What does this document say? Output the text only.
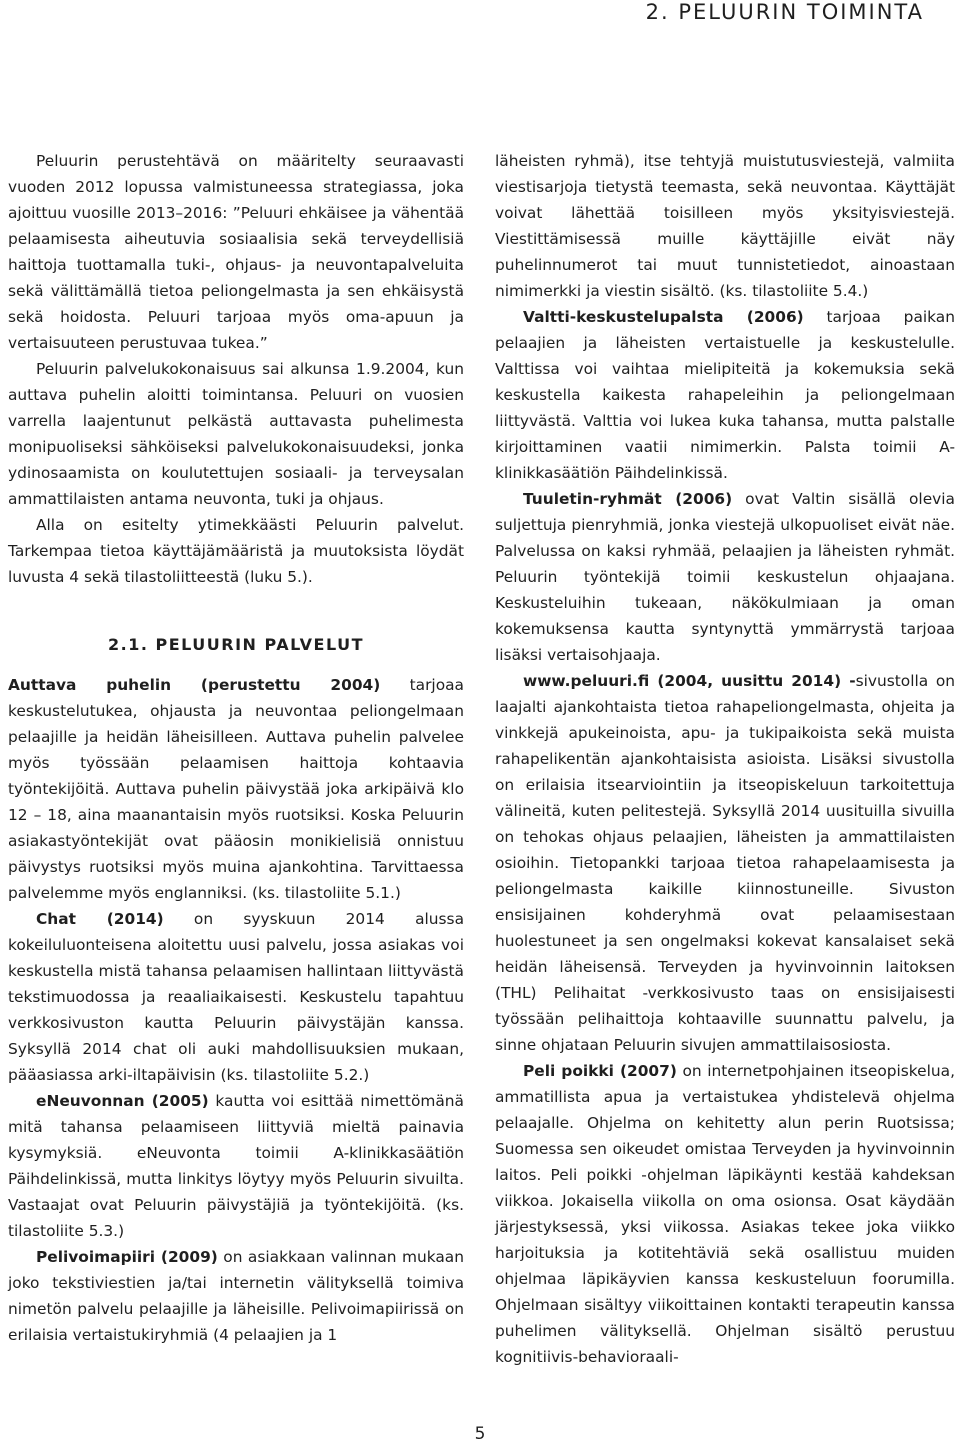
2. PELUURIN TOIMINTA

Peluurin perustehtävä on määritelty seuraavasti vuoden 2012 lopussa valmistuneessa strategiassa, joka ajoittuu vuosille 2013–2016: ”Peluuri ehkäisee ja vähentää pelaamisesta aiheutuvia sosiaalisia sekä terveydellisiä haittoja tuottamalla tuki-, ohjaus- ja neuvontapalveluita sekä välittämällä tietoa peliongelmasta ja sen ehkäisystä sekä hoidosta. Peluuri tarjoaa myös oma-apuun ja vertaisuuteen perustuvaa tukea.”

Peluurin palvelukokonaisuus sai alkunsa 1.9.2004, kun auttava puhelin aloitti toimintansa. Peluuri on vuosien varrella laajentunut pelkästä auttavasta puhelimesta monipuoliseksi sähköiseksi palvelukokonaisuudeksi, jonka ydinosaamista on koulutettujen sosiaali- ja terveysalan ammattilaisten antama neuvonta, tuki ja ohjaus.

Alla on esitelty ytimekkäästi Peluurin palvelut. Tarkempaa tietoa käyttäjämääristä ja muutoksista löydät luvusta 4 sekä tilastoliitteestä (luku 5.).

2.1. PELUURIN PALVELUT

Auttava puhelin (perustettu 2004) tarjoaa keskustelutukea, ohjausta ja neuvontaa peliongelmaan pelaajille ja heidän läheisilleen. Auttava puhelin palvelee myös työssään pelaamisen haittoja kohtaavia työntekijöitä. Auttava puhelin päivystää joka arkipäivä klo 12 – 18, aina maanantaisin myös ruotsiksi. Koska Peluurin asiakastyöntekijät ovat pääosin monikielisiä onnistuu päivystys ruotsiksi myös muina ajankohtina. Tarvittaessa palvelemme myös englanniksi. (ks. tilastoliite 5.1.)

Chat (2014) on syyskuun 2014 alussa kokeiluluonteisena aloitettu uusi palvelu, jossa asiakas voi keskustella mistä tahansa pelaamisen hallintaan liittyvästä tekstimuodossa ja reaaliaikaisesti. Keskustelu tapahtuu verkkosivuston kautta Peluurin päivystäjän kanssa. Syksyllä 2014 chat oli auki mahdollisuuksien mukaan, pääasiassa arki-iltapäivisin (ks. tilastoliite 5.2.)

eNeuvonnan (2005) kautta voi esittää nimettömänä mitä tahansa pelaamiseen liittyviä mieltä painavia kysymyksiä. eNeuvonta toimii A-klinikkasäätiön Päihdelinkissä, mutta linkitys löytyy myös Peluurin sivuilta. Vastaajat ovat Peluurin päivystäjiä ja työntekijöitä. (ks. tilastoliite 5.3.)

Pelivoimapiiri (2009) on asiakkaan valinnan mukaan joko tekstiviestien ja/tai internetin välityksellä toimiva nimetön palvelu pelaajille ja läheisille. Pelivoimapiirissä on erilaisia vertaistukiryhmiä (4 pelaajien ja 1

läheisten ryhmä), itse tehtyjä muistutusviestejä, valmiita viestisarjoja tietystä teemasta, sekä neuvontaa. Käyttäjät voivat lähettää toisilleen myös yksityisviestejä. Viestittämisessä muille käyttäjille eivät näy puhelinnumerot tai muut tunnistetiedot, ainoastaan nimimerkki ja viestin sisältö. (ks. tilastoliite 5.4.)

Valtti-keskustelupalsta (2006) tarjoaa paikan pelaajien ja läheisten vertaistuelle ja keskustelulle. Valttissa voi vaihtaa mielipiteitä ja kokemuksia sekä keskustella kaikesta rahapeleihin ja peliongelmaan liittyvästä. Valttia voi lukea kuka tahansa, mutta palstalle kirjoittaminen vaatii nimimerkin. Palsta toimii A-klinikkasäätiön Päihdelinkissä.

Tuuletin-ryhmät (2006) ovat Valtin sisällä olevia suljettuja pienryhmiä, jonka viestejä ulkopuoliset eivät näe. Palvelussa on kaksi ryhmää, pelaajien ja läheisten ryhmät. Peluurin työntekijä toimii keskustelun ohjaajana. Keskusteluihin tukeaan, näkökulmiaan ja oman kokemuksensa kautta syntynyttä ymmärrystä tarjoaa lisäksi vertaisohjaaja.

www.peluuri.fi (2004, uusittu 2014) -sivustolla on laajalti ajankohtaista tietoa rahapeliongelmasta, ohjeita ja vinkkejä apukeinoista, apu- ja tukipaikoista sekä muista rahapelikentän ajankohtaisista asioista. Lisäksi sivustolla on erilaisia itsearviointiin ja itseopiskeluun tarkoitettuja välineitä, kuten pelitestejä. Syksyllä 2014 uusituilla sivuilla on tehokas ohjaus pelaajien, läheisten ja ammattilaisten osioihin. Tietopankki tarjoaa tietoa rahapelaamisesta ja peliongelmasta kaikille kiinnostuneille. Sivuston ensisijainen kohderyhmä ovat pelaamisestaan huolestuneet ja sen ongelmaksi kokevat kansalaiset sekä heidän läheisensä. Terveyden ja hyvinvoinnin laitoksen (THL) Pelihaitat -verkkosivusto taas on ensisijaisesti työssään pelihaittoja kohtaaville suunnattu palvelu, ja sinne ohjataan Peluurin sivujen ammattilaisosiosta.

Peli poikki (2007) on internetpohjainen itseopiskelua, ammatillista apua ja vertaistukea yhdistelevä ohjelma pelaajalle. Ohjelma on kehitetty alun perin Ruotsissa; Suomessa sen oikeudet omistaa Terveyden ja hyvinvoinnin laitos. Peli poikki -ohjelman läpikäynti kestää kahdeksan viikkoa. Jokaisella viikolla on oma osionsa. Osat käydään järjestyksessä, yksi viikossa. Asiakas tekee joka viikko harjoituksia ja kotitehtäviä sekä osallistuu muiden ohjelmaa läpikäyvien kanssa keskusteluun foorumilla. Ohjelmaan sisältyy viikoittainen kontakti terapeutin kanssa puhelimen välityksellä. Ohjelman sisältö perustuu kognitiivis-behavioraali-

5
